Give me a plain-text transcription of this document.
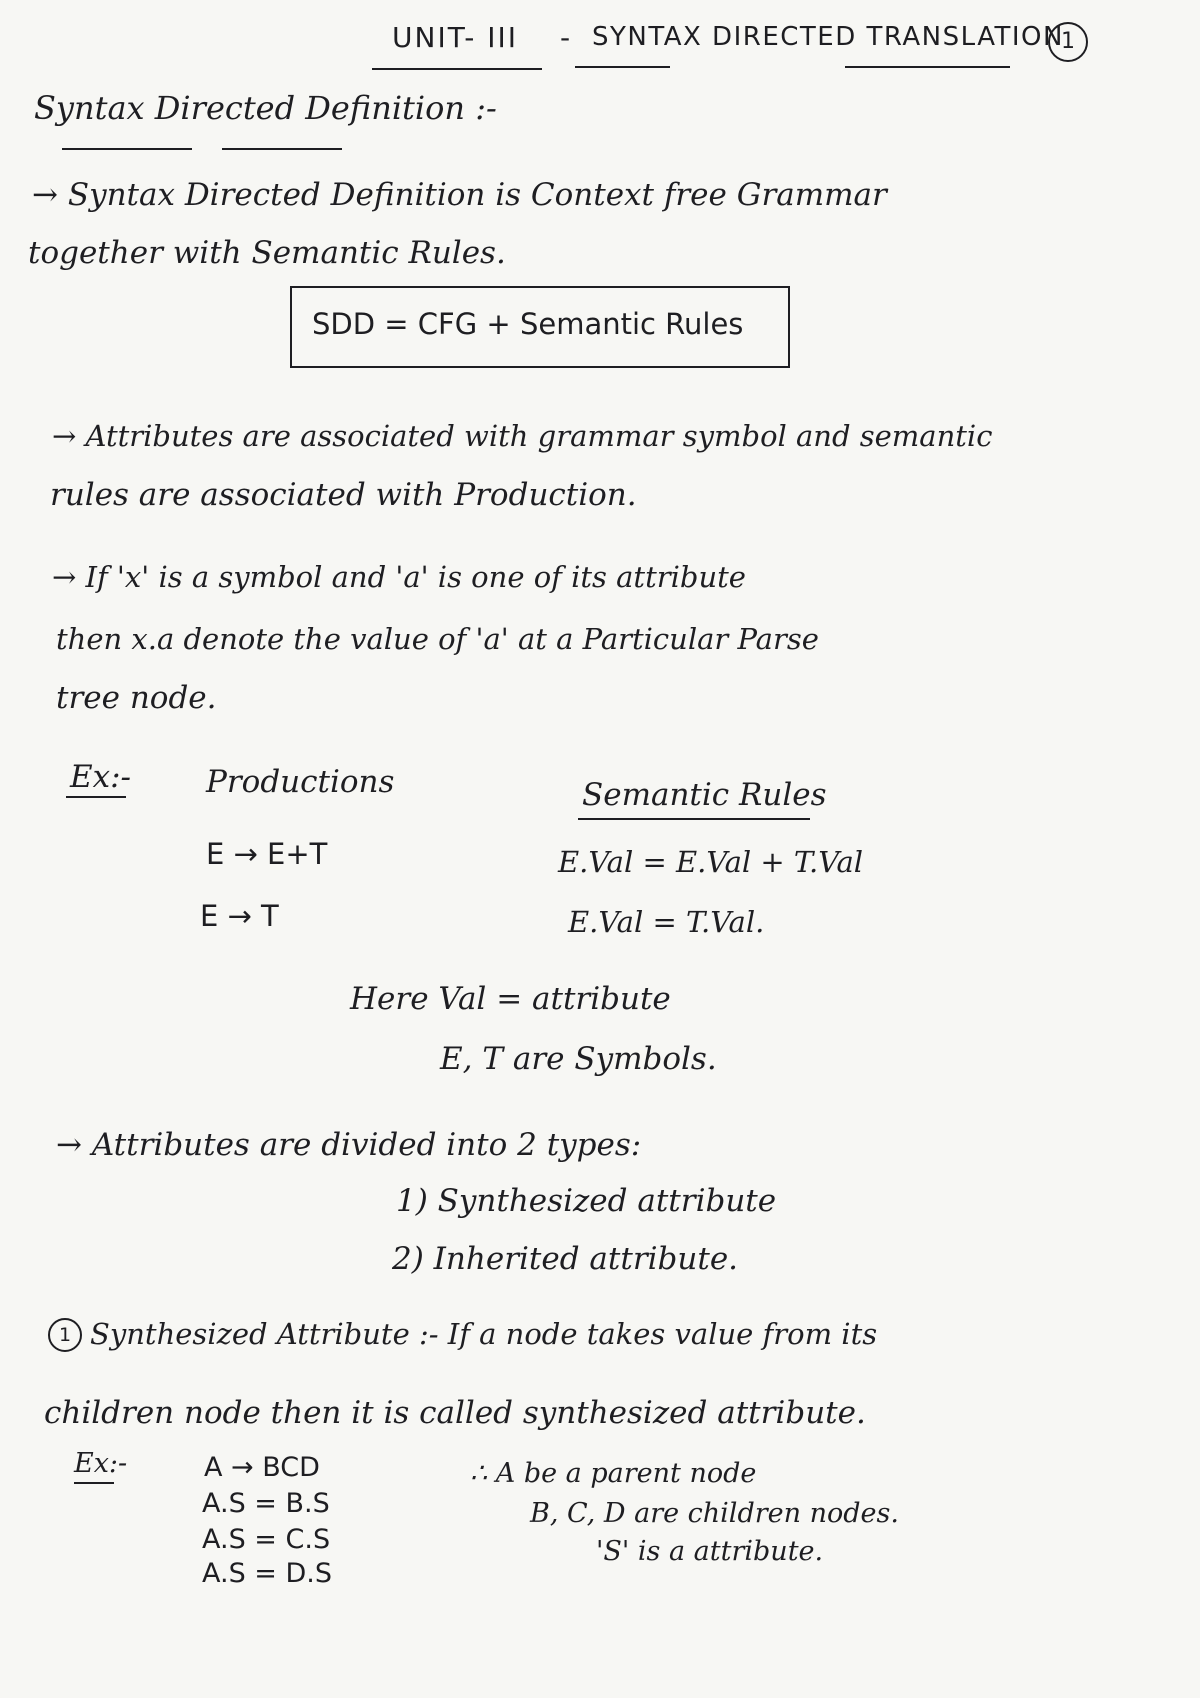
UNIT- III - SYNTAX DIRECTED TRANSLATION
1
Syntax Directed Definition :-
→ Syntax Directed Definition is Context free Grammar
together with Semantic Rules.
SDD = CFG + Semantic Rules
→ Attributes are associated with grammar symbol and semantic
rules are associated with Production.
→ If 'x' is a symbol and 'a' is one of its attribute
then x.a denote the value of 'a' at a Particular Parse
tree node.
Ex:- Productions	Semantic Rules
E → E+T	E.Val = E.Val + T.Val
E → T	E.Val = T.Val.
Here Val = attribute
E, T are Symbols.
→ Attributes are divided into 2 types:
1) Synthesized attribute
2) Inherited attribute.
1 Synthesized Attribute :- If a node takes value from its
children node then it is called synthesized attribute.
Ex:-	A → BCD
A.S = B.S
A.S = C.S
A.S = D.S
∴ A be a parent node
B, C, D are children nodes.
'S' is a attribute.
